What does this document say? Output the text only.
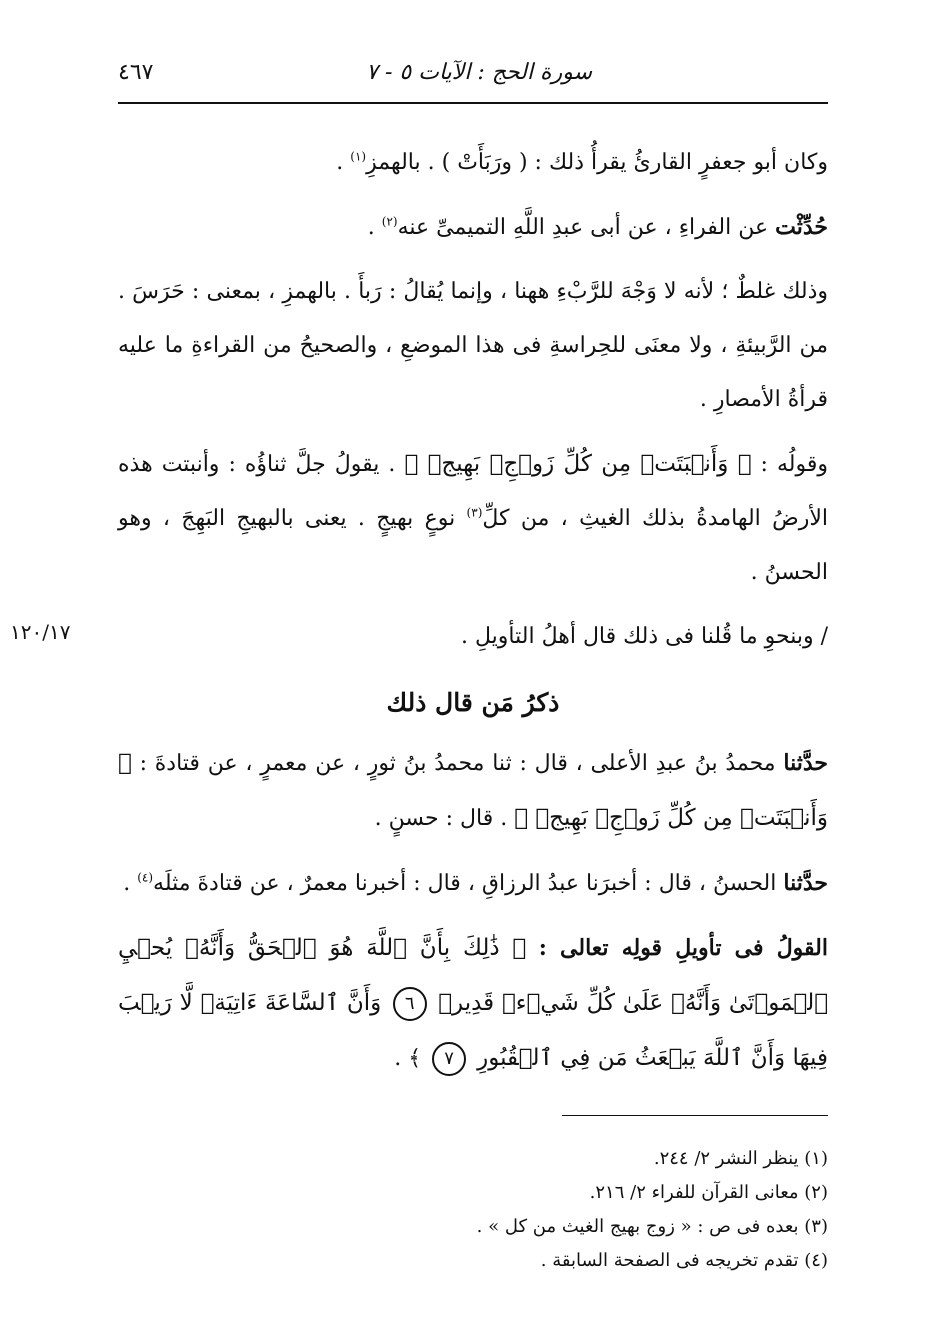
٤٦٧	سورة الحج : الآيات ٥ - ٧
١٢٠/١٧

وكان أبو جعفرٍ القارئُ يقرأُ ذلك : ( ورَبَأَتْ ) . بالهمزِ$^{(١)}$ .

حُدِّثْت عن الفراءِ ، عن أبى عبدِ اللَّهِ التميمىِّ عنه$^{(٢)}$ .

وذلك غلطٌ ؛ لأنه لا وَجْهَ للرَّبْءِ ههنا ، وإنما يُقالُ : رَبأَ . بالهمزِ ، بمعنى : حَرَسَ . من الرَّبيئةِ ، ولا معنَى للحِراسةِ فى هذا الموضعِ ، والصحيحُ من القراءةِ ما عليه قرأةُ الأمصارِ .

وقولُه : ﴿ وَأَنۢبَتَتۡ مِن كُلِّ زَوۡجِۭ بَهِيجٖ ﴾ . يقولُ جلَّ ثناؤُه : وأنبتت هذه الأرضُ الهامدةُ بذلك الغيثِ ، من كلِّ$^{(٣)}$ نوعٍ بهيجٍ . يعنى بالبهيجِ البَهِجَ ، وهو الحسنُ .

/ وبنحوِ ما قُلنا فى ذلك قال أهلُ التأويلِ .

ذكرُ مَن قال ذلك

حدَّثنا محمدُ بنُ عبدِ الأعلى ، قال : ثنا محمدُ بنُ ثورٍ ، عن معمرٍ ، عن قتادةَ : ﴿ وَأَنۢبَتَتۡ مِن كُلِّ زَوۡجِۭ بَهِيجٖ ﴾ . قال : حسنٍ .

حدَّثنا الحسنُ ، قال : أخبرَنا عبدُ الرزاقِ ، قال : أخبرنا معمرٌ ، عن قتادةَ مثلَه$^{(٤)}$ .

القولُ فى تأويلِ قولِه تعالى : ﴿ ذَٰلِكَ بِأَنَّ ٱللَّهَ هُوَ ٱلۡحَقُّ وَأَنَّهُۥ يُحۡيِ ٱلۡمَوۡتَىٰ وَأَنَّهُۥ عَلَىٰ كُلِّ شَيۡءٖ قَدِيرٞ ٦ وَأَنَّ ٱلسَّاعَةَ ءَاتِيَةٞ لَّا رَيۡبَ فِيهَا وَأَنَّ ٱللَّهَ يَبۡعَثُ مَن فِي ٱلۡقُبُورِ ٧ ﴾ .

(١) ينظر النشر ٢/ ٢٤٤.
(٢) معانى القرآن للفراء ٢/ ٢١٦.
(٣) بعده فى ص : « زوج بهيج الغيث من كل » .
(٤) تقدم تخريجه فى الصفحة السابقة .
